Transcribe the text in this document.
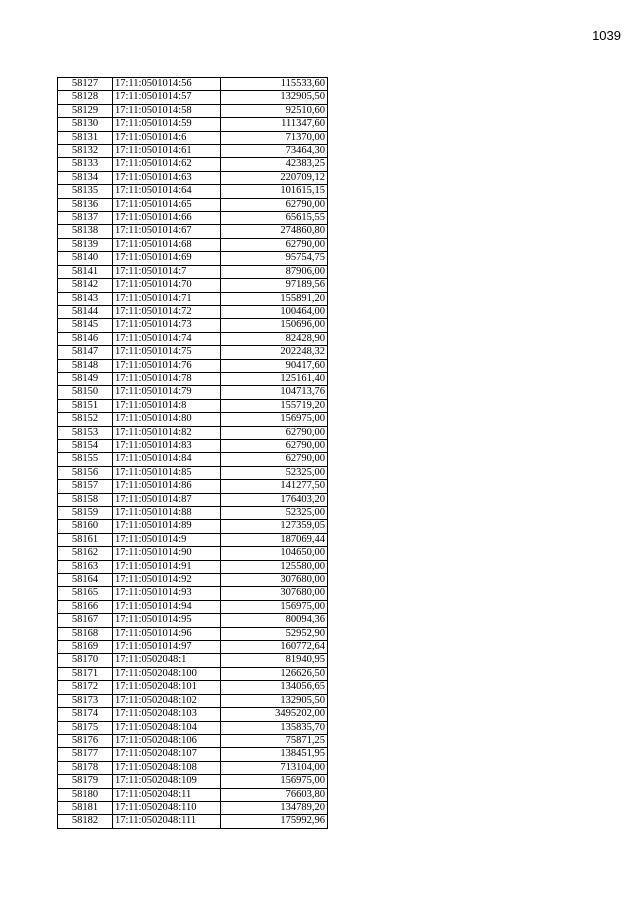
1039
58127	17:11:0501014:56	115533,60
58128	17:11:0501014:57	132905,50
58129	17:11:0501014:58	92510,60
58130	17:11:0501014:59	111347,60
58131	17:11:0501014:6	71370,00
58132	17:11:0501014:61	73464,30
58133	17:11:0501014:62	42383,25
58134	17:11:0501014:63	220709,12
58135	17:11:0501014:64	101615,15
58136	17:11:0501014:65	62790,00
58137	17:11:0501014:66	65615,55
58138	17:11:0501014:67	274860,80
58139	17:11:0501014:68	62790,00
58140	17:11:0501014:69	95754,75
58141	17:11:0501014:7	87906,00
58142	17:11:0501014:70	97189,56
58143	17:11:0501014:71	155891,20
58144	17:11:0501014:72	100464,00
58145	17:11:0501014:73	150696,00
58146	17:11:0501014:74	82428,90
58147	17:11:0501014:75	202248,32
58148	17:11:0501014:76	90417,60
58149	17:11:0501014:78	125161,40
58150	17:11:0501014:79	104713,76
58151	17:11:0501014:8	155719,20
58152	17:11:0501014:80	156975,00
58153	17:11:0501014:82	62790,00
58154	17:11:0501014:83	62790,00
58155	17:11:0501014:84	62790,00
58156	17:11:0501014:85	52325,00
58157	17:11:0501014:86	141277,50
58158	17:11:0501014:87	176403,20
58159	17:11:0501014:88	52325,00
58160	17:11:0501014:89	127359,05
58161	17:11:0501014:9	187069,44
58162	17:11:0501014:90	104650,00
58163	17:11:0501014:91	125580,00
58164	17:11:0501014:92	307680,00
58165	17:11:0501014:93	307680,00
58166	17:11:0501014:94	156975,00
58167	17:11:0501014:95	80094,36
58168	17:11:0501014:96	52952,90
58169	17:11:0501014:97	160772,64
58170	17:11:0502048:1	81940,95
58171	17:11:0502048:100	126626,50
58172	17:11:0502048:101	134056,65
58173	17:11:0502048:102	132905,50
58174	17:11:0502048:103	3495202,00
58175	17:11:0502048:104	135835,70
58176	17:11:0502048:106	75871,25
58177	17:11:0502048:107	138451,95
58178	17:11:0502048:108	713104,00
58179	17:11:0502048:109	156975,00
58180	17:11:0502048:11	76603,80
58181	17:11:0502048:110	134789,20
58182	17:11:0502048:111	175992,96
